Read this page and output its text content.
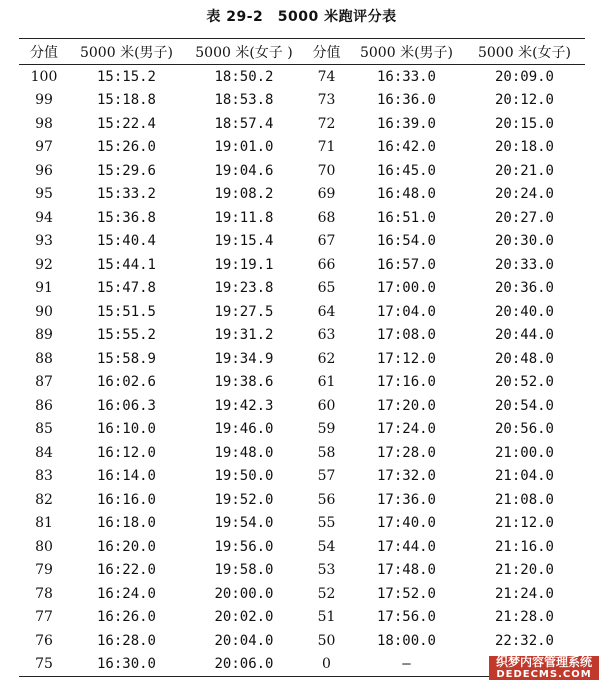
表 29-2　5000 米跑评分表
分值	5000 米(男子)	5000 米(女子 )	分值	5000 米(男子)	5000 米(女子)
100	15:15.2	18:50.2	74	16:33.0	20:09.0
99	15:18.8	18:53.8	73	16:36.0	20:12.0
98	15:22.4	18:57.4	72	16:39.0	20:15.0
97	15:26.0	19:01.0	71	16:42.0	20:18.0
96	15:29.6	19:04.6	70	16:45.0	20:21.0
95	15:33.2	19:08.2	69	16:48.0	20:24.0
94	15:36.8	19:11.8	68	16:51.0	20:27.0
93	15:40.4	19:15.4	67	16:54.0	20:30.0
92	15:44.1	19:19.1	66	16:57.0	20:33.0
91	15:47.8	19:23.8	65	17:00.0	20:36.0
90	15:51.5	19:27.5	64	17:04.0	20:40.0
89	15:55.2	19:31.2	63	17:08.0	20:44.0
88	15:58.9	19:34.9	62	17:12.0	20:48.0
87	16:02.6	19:38.6	61	17:16.0	20:52.0
86	16:06.3	19:42.3	60	17:20.0	20:54.0
85	16:10.0	19:46.0	59	17:24.0	20:56.0
84	16:12.0	19:48.0	58	17:28.0	21:00.0
83	16:14.0	19:50.0	57	17:32.0	21:04.0
82	16:16.0	19:52.0	56	17:36.0	21:08.0
81	16:18.0	19:54.0	55	17:40.0	21:12.0
80	16:20.0	19:56.0	54	17:44.0	21:16.0
79	16:22.0	19:58.0	53	17:48.0	21:20.0
78	16:24.0	20:00.0	52	17:52.0	21:24.0
77	16:26.0	20:02.0	51	17:56.0	21:28.0
76	16:28.0	20:04.0	50	18:00.0	22:32.0
75	16:30.0	20:06.0	0	–		织梦内容管理系统
DEDECMS.COM
